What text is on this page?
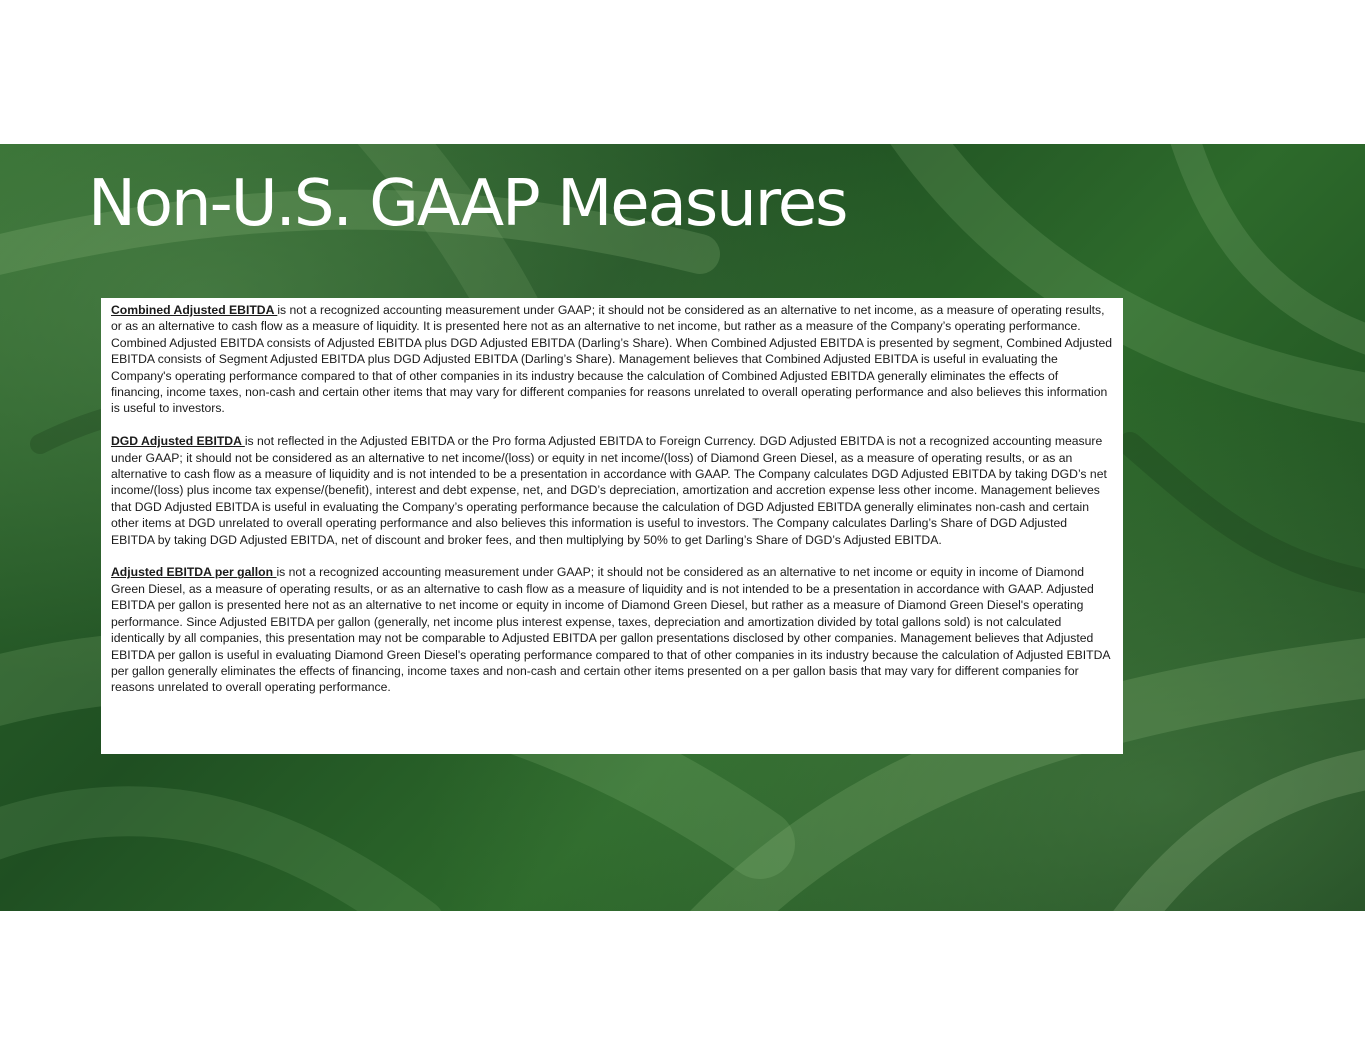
Non-U.S. GAAP Measures

Combined Adjusted EBITDA is not a recognized accounting measurement under GAAP; it should not be considered as an alternative to net income, as a measure of operating results, or as an alternative to cash flow as a measure of liquidity. It is presented here not as an alternative to net income, but rather as a measure of the Company’s operating performance. Combined Adjusted EBITDA consists of Adjusted EBITDA plus DGD Adjusted EBITDA (Darling’s Share). When Combined Adjusted EBITDA is presented by segment, Combined Adjusted EBITDA consists of Segment Adjusted EBITDA plus DGD Adjusted EBITDA (Darling’s Share). Management believes that Combined Adjusted EBITDA is useful in evaluating the Company's operating performance compared to that of other companies in its industry because the calculation of Combined Adjusted EBITDA generally eliminates the effects of financing, income taxes, non-cash and certain other items that may vary for different companies for reasons unrelated to overall operating performance and also believes this information is useful to investors.

DGD Adjusted EBITDA is not reflected in the Adjusted EBITDA or the Pro forma Adjusted EBITDA to Foreign Currency. DGD Adjusted EBITDA is not a recognized accounting measure under GAAP; it should not be considered as an alternative to net income/(loss) or equity in net income/(loss) of Diamond Green Diesel, as a measure of operating results, or as an alternative to cash flow as a measure of liquidity and is not intended to be a presentation in accordance with GAAP. The Company calculates DGD Adjusted EBITDA by taking DGD’s net income/(loss) plus income tax expense/(benefit), interest and debt expense, net, and DGD’s depreciation, amortization and accretion expense less other income. Management believes that DGD Adjusted EBITDA is useful in evaluating the Company’s operating performance because the calculation of DGD Adjusted EBITDA generally eliminates non-cash and certain other items at DGD unrelated to overall operating performance and also believes this information is useful to investors. The Company calculates Darling’s Share of DGD Adjusted EBITDA by taking DGD Adjusted EBITDA, net of discount and broker fees, and then multiplying by 50% to get Darling’s Share of DGD’s Adjusted EBITDA.

Adjusted EBITDA per gallon is not a recognized accounting measurement under GAAP; it should not be considered as an alternative to net income or equity in income of Diamond Green Diesel, as a measure of operating results, or as an alternative to cash flow as a measure of liquidity and is not intended to be a presentation in accordance with GAAP. Adjusted EBITDA per gallon is presented here not as an alternative to net income or equity in income of Diamond Green Diesel, but rather as a measure of Diamond Green Diesel's operating performance. Since Adjusted EBITDA per gallon (generally, net income plus interest expense, taxes, depreciation and amortization divided by total gallons sold) is not calculated identically by all companies, this presentation may not be comparable to Adjusted EBITDA per gallon presentations disclosed by other companies. Management believes that Adjusted EBITDA per gallon is useful in evaluating Diamond Green Diesel's operating performance compared to that of other companies in its industry because the calculation of Adjusted EBITDA per gallon generally eliminates the effects of financing, income taxes and non-cash and certain other items presented on a per gallon basis that may vary for different companies for reasons unrelated to overall operating performance.
